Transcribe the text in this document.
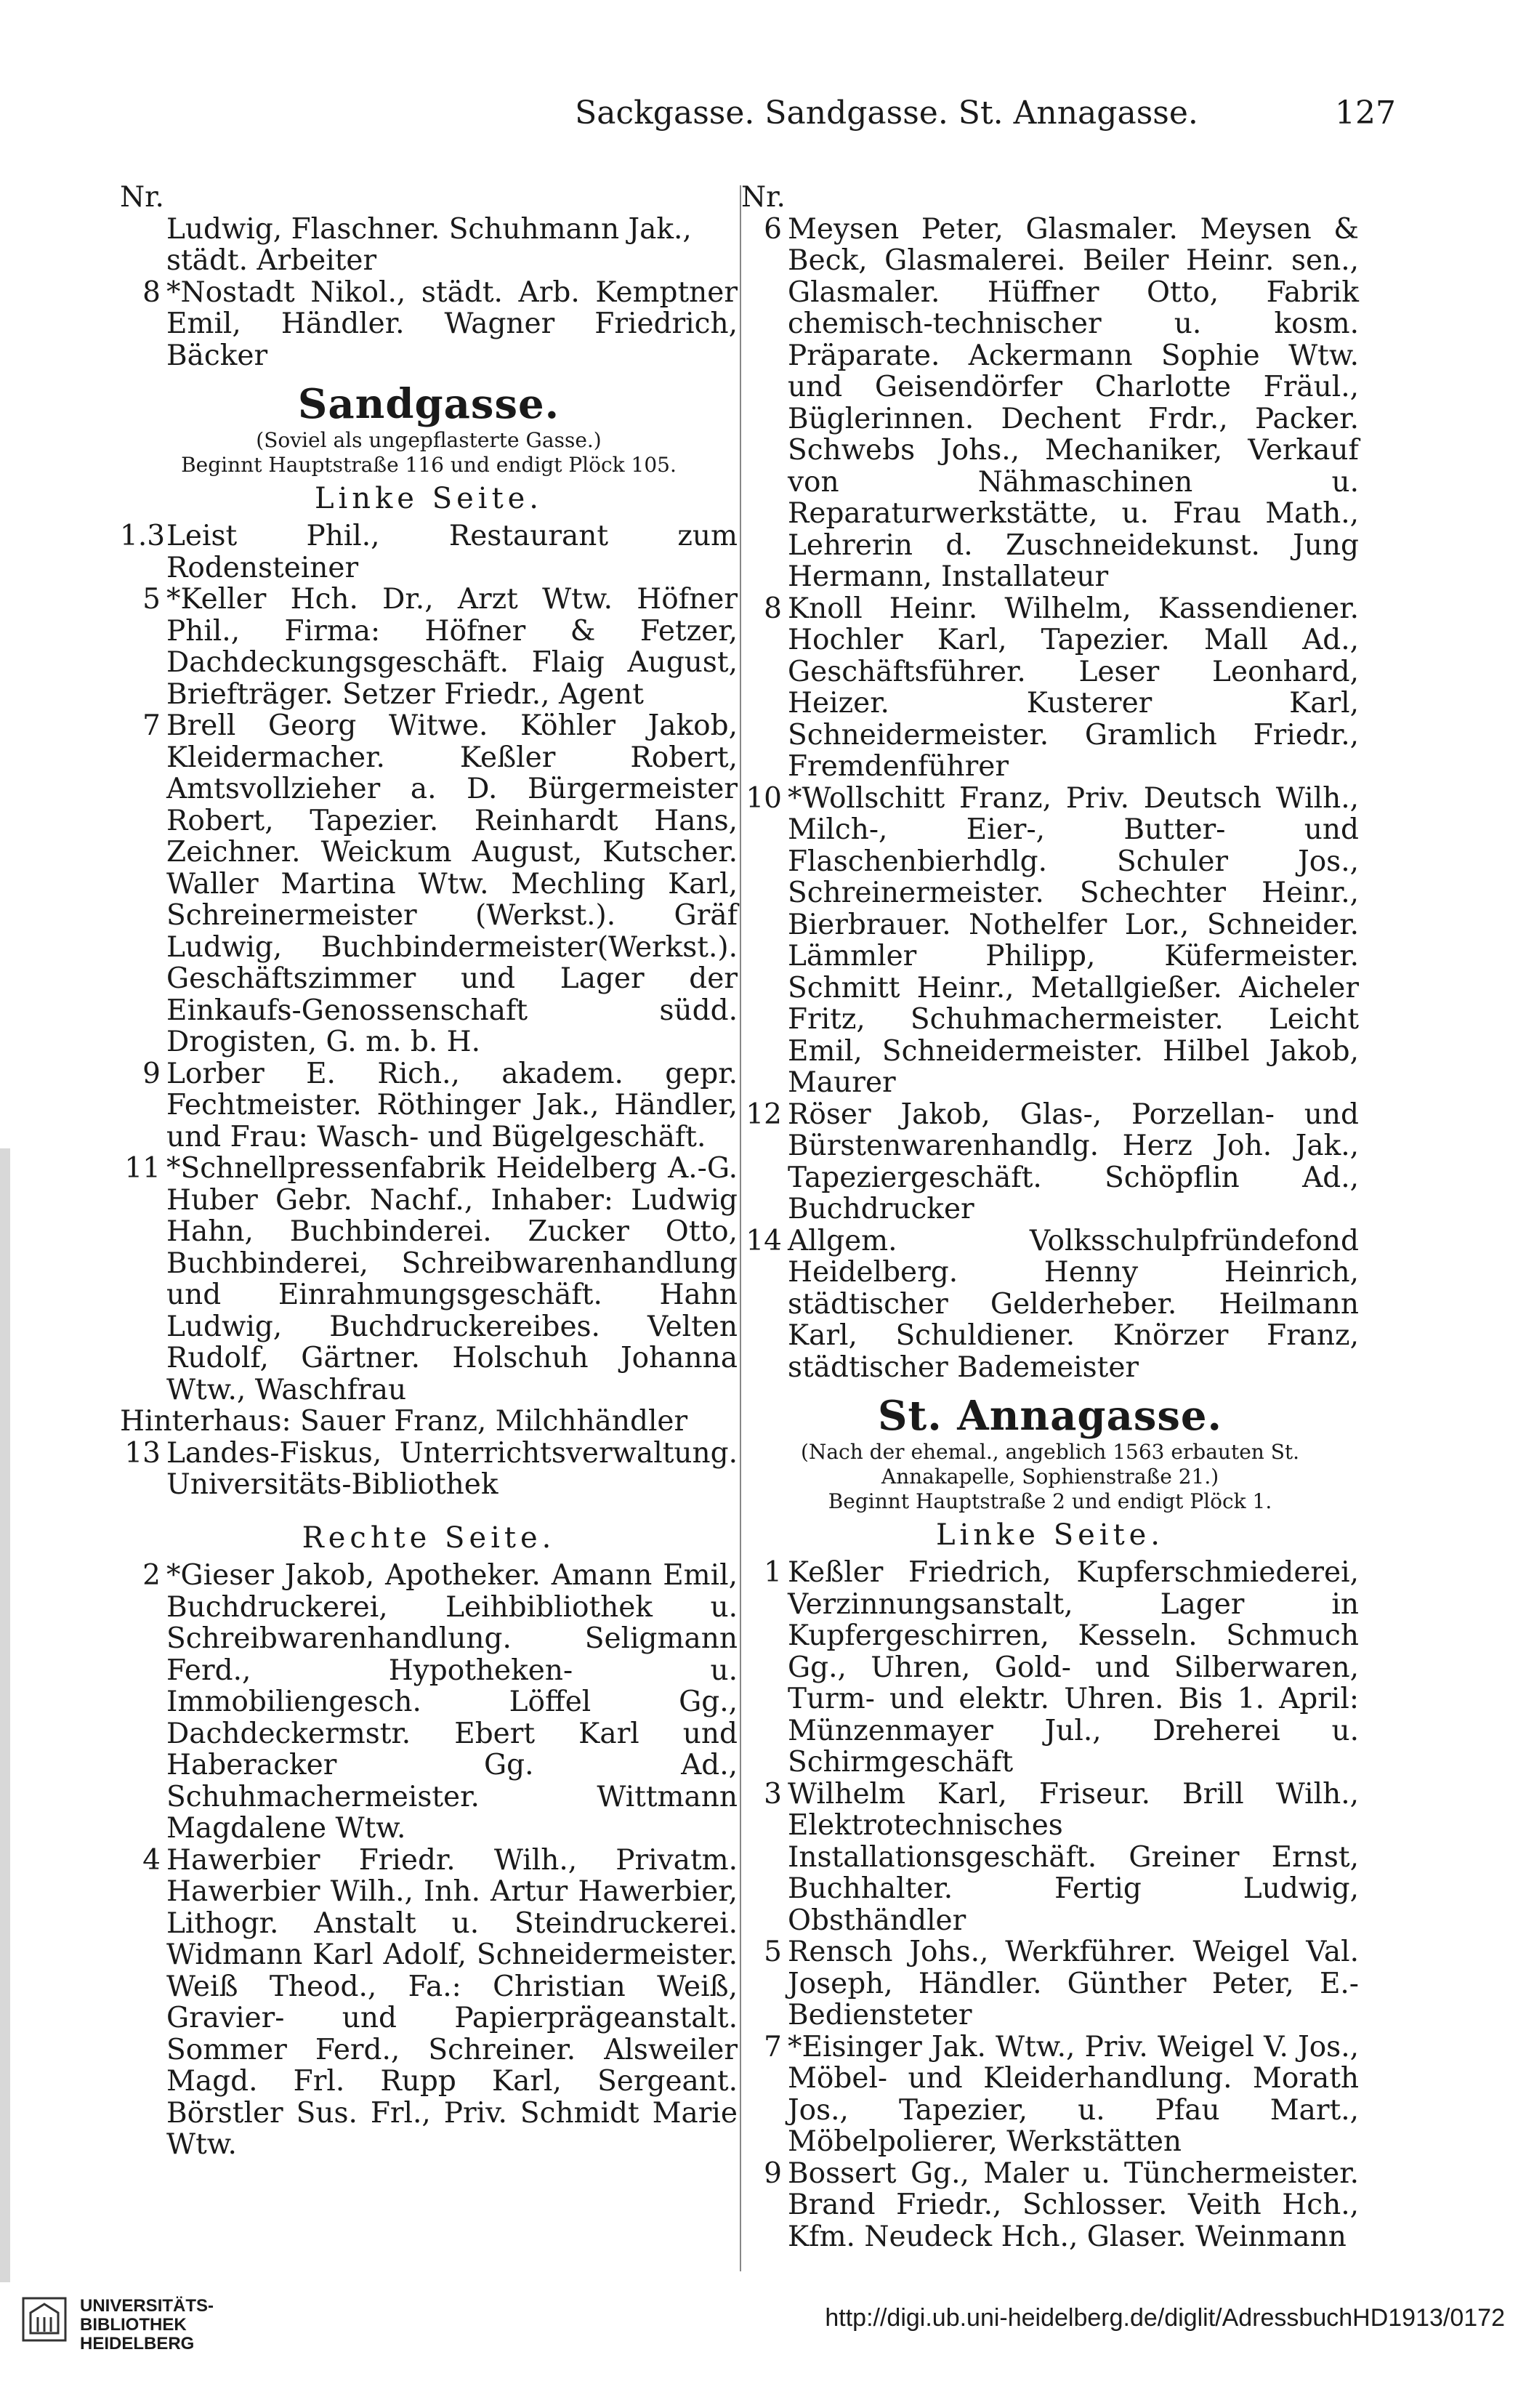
Sackgasse. Sandgasse. St. Annagasse.	127
Nr.
Ludwig, Flaschner. Schuhmann Jak., städt. Arbeiter
8 *Nostadt Nikol., städt. Arb. Kemptner Emil, Händler. Wagner Friedrich, Bäcker
Sandgasse.
(Soviel als ungepflasterte Gasse.)
Beginnt Hauptstraße 116 und endigt Plöck 105.
Linke Seite.
1.3 Leist Phil., Restaurant zum Rodensteiner
5 *Keller Hch. Dr., Arzt Wtw. Höfner Phil., Firma: Höfner & Fetzer, Dachdeckungsgeschäft. Flaig August, Briefträger. Setzer Friedr., Agent
7 Brell Georg Witwe. Köhler Jakob, Kleidermacher. Keßler Robert, Amtsvollzieher a. D. Bürgermeister Robert, Tapezier. Reinhardt Hans, Zeichner. Weickum August, Kutscher. Waller Martina Wtw. Mechling Karl, Schreinermeister (Werkst.). Gräf Ludwig, Buchbindermeister(Werkst.). Geschäftszimmer und Lager der Einkaufs-Genossenschaft südd. Drogisten, G. m. b. H.
9 Lorber E. Rich., akadem. gepr. Fechtmeister. Röthinger Jak., Händler, und Frau: Wasch- und Bügelgeschäft.
11 *Schnellpressenfabrik Heidelberg A.-G. Huber Gebr. Nachf., Inhaber: Ludwig Hahn, Buchbinderei. Zucker Otto, Buchbinderei, Schreibwarenhandlung und Einrahmungsgeschäft. Hahn Ludwig, Buchdruckereibes. Velten Rudolf, Gärtner. Holschuh Johanna Wtw., Waschfrau
Hinterhaus: Sauer Franz, Milchhändler
13 Landes-Fiskus, Unterrichtsverwaltung. Universitäts-Bibliothek
Rechte Seite.
2 *Gieser Jakob, Apotheker. Amann Emil, Buchdruckerei, Leihbibliothek u. Schreibwarenhandlung. Seligmann Ferd., Hypotheken- u. Immobiliengesch. Löffel Gg., Dachdeckermstr. Ebert Karl und Haberacker Gg. Ad., Schuhmachermeister. Wittmann Magdalene Wtw.
4 Hawerbier Friedr. Wilh., Privatm. Hawerbier Wilh., Inh. Artur Hawerbier, Lithogr. Anstalt u. Steindruckerei. Widmann Karl Adolf, Schneidermeister. Weiß Theod., Fa.: Christian Weiß, Gravier- und Papierprägeanstalt. Sommer Ferd., Schreiner. Alsweiler Magd. Frl. Rupp Karl, Sergeant. Börstler Sus. Frl., Priv. Schmidt Marie Wtw.
Nr.
6 Meysen Peter, Glasmaler. Meysen & Beck, Glasmalerei. Beiler Heinr. sen., Glasmaler. Hüffner Otto, Fabrik chemisch-technischer u. kosm. Präparate. Ackermann Sophie Wtw. und Geisendörfer Charlotte Fräul., Büglerinnen. Dechent Frdr., Packer. Schwebs Johs., Mechaniker, Verkauf von Nähmaschinen u. Reparaturwerkstätte, u. Frau Math., Lehrerin d. Zuschneidekunst. Jung Hermann, Installateur
8 Knoll Heinr. Wilhelm, Kassendiener. Hochler Karl, Tapezier. Mall Ad., Geschäftsführer. Leser Leonhard, Heizer. Kusterer Karl, Schneidermeister. Gramlich Friedr., Fremdenführer
10 *Wollschitt Franz, Priv. Deutsch Wilh., Milch-, Eier-, Butter- und Flaschenbierhdlg. Schuler Jos., Schreinermeister. Schechter Heinr., Bierbrauer. Nothelfer Lor., Schneider. Lämmler Philipp, Küfermeister. Schmitt Heinr., Metallgießer. Aicheler Fritz, Schuhmachermeister. Leicht Emil, Schneidermeister. Hilbel Jakob, Maurer
12 Röser Jakob, Glas-, Porzellan- und Bürstenwarenhandlg. Herz Joh. Jak., Tapeziergeschäft. Schöpflin Ad., Buchdrucker
14 Allgem. Volksschulpfründefond Heidelberg. Henny Heinrich, städtischer Gelderheber. Heilmann Karl, Schuldiener. Knörzer Franz, städtischer Bademeister
St. Annagasse.
(Nach der ehemal., angeblich 1563 erbauten St. Annakapelle, Sophienstraße 21.)
Beginnt Hauptstraße 2 und endigt Plöck 1.
Linke Seite.
1 Keßler Friedrich, Kupferschmiederei, Verzinnungsanstalt, Lager in Kupfergeschirren, Kesseln. Schmuch Gg., Uhren, Gold- und Silberwaren, Turm- und elektr. Uhren. Bis 1. April: Münzenmayer Jul., Dreherei u. Schirmgeschäft
3 Wilhelm Karl, Friseur. Brill Wilh., Elektrotechnisches Installationsgeschäft. Greiner Ernst, Buchhalter. Fertig Ludwig, Obsthändler
5 Rensch Johs., Werkführer. Weigel Val. Joseph, Händler. Günther Peter, E.-Bediensteter
7 *Eisinger Jak. Wtw., Priv. Weigel V. Jos., Möbel- und Kleiderhandlung. Morath Jos., Tapezier, u. Pfau Mart., Möbelpolierer, Werkstätten
9 Bossert Gg., Maler u. Tünchermeister. Brand Friedr., Schlosser. Veith Hch., Kfm. Neudeck Hch., Glaser. Weinmann
UNIVERSITÄTS-
BIBLIOTHEK
HEIDELBERG
http://digi.ub.uni-heidelberg.de/diglit/AdressbuchHD1913/0172
